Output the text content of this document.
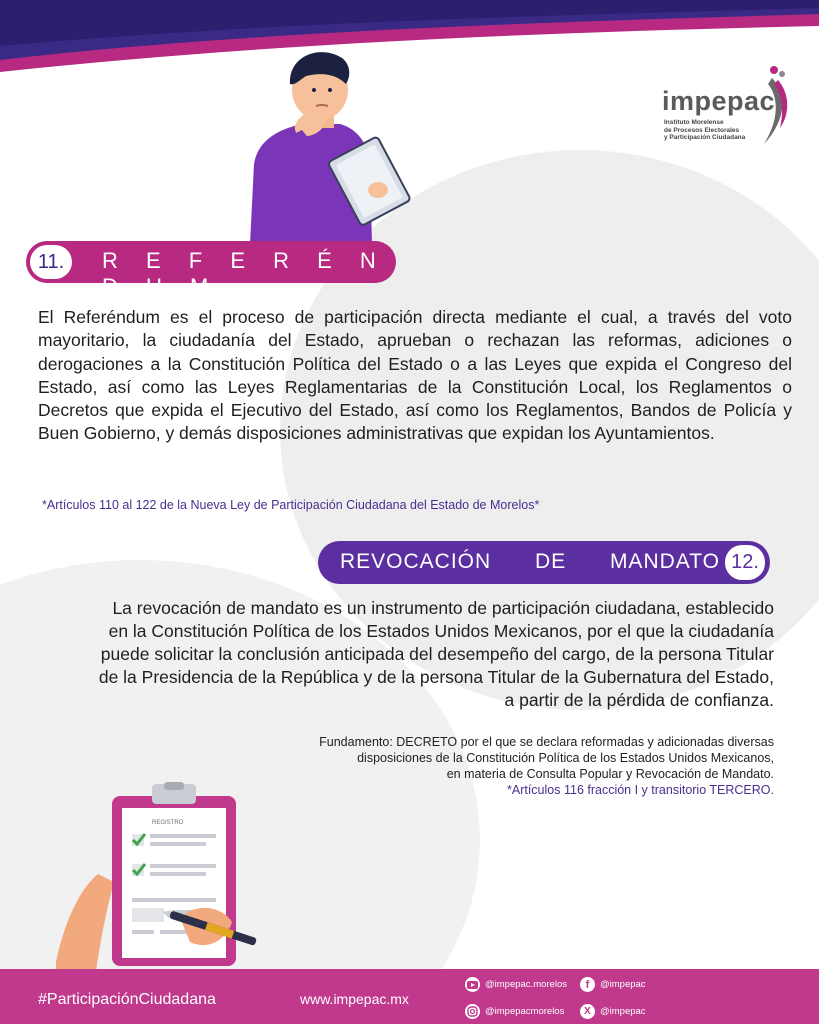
impepac
Instituto Morelense
de Procesos Electorales
y Participación Ciudadana
11.	R E F E R É N D U M
El Referéndum es el proceso de participación directa mediante el cual, a través del voto mayoritario, la ciudadanía del Estado, aprueban o rechazan las reformas, adiciones o derogaciones a la Constitución Política del Estado o a las Leyes que expida el Congreso del Estado, así como las Leyes Reglamentarias de la Constitución Local, los Reglamentos o Decretos que expida el Ejecutivo del Estado, así como los Reglamentos, Bandos de Policía y Buen Gobierno, y demás disposiciones administrativas que expidan los Ayuntamientos.
*Artículos 110 al 122 de la Nueva Ley de Participación Ciudadana del Estado de Morelos*
REVOCACIÓN DE MANDATO 12.
La revocación de mandato es un instrumento de participación ciudadana, establecido
en la Constitución Política de los Estados Unidos Mexicanos, por el que la ciudadanía
puede solicitar la conclusión anticipada del desempeño del cargo, de la persona Titular
de la Presidencia de la República y de la persona Titular de la Gubernatura del Estado,
a partir de la pérdida de confianza.
Fundamento: DECRETO por el que se declara reformadas y adicionadas diversas
disposiciones de la Constitución Política de los Estados Unidos Mexicanos,
en materia de Consulta Popular y Revocación de Mandato.
*Artículos 116 fracción I y transitorio TERCERO.
REGISTRO
#ParticipaciónCiudadana	www.impepac.mx
@impepac.morelos	f	@impepac
@impepacmorelos	X @impepac
